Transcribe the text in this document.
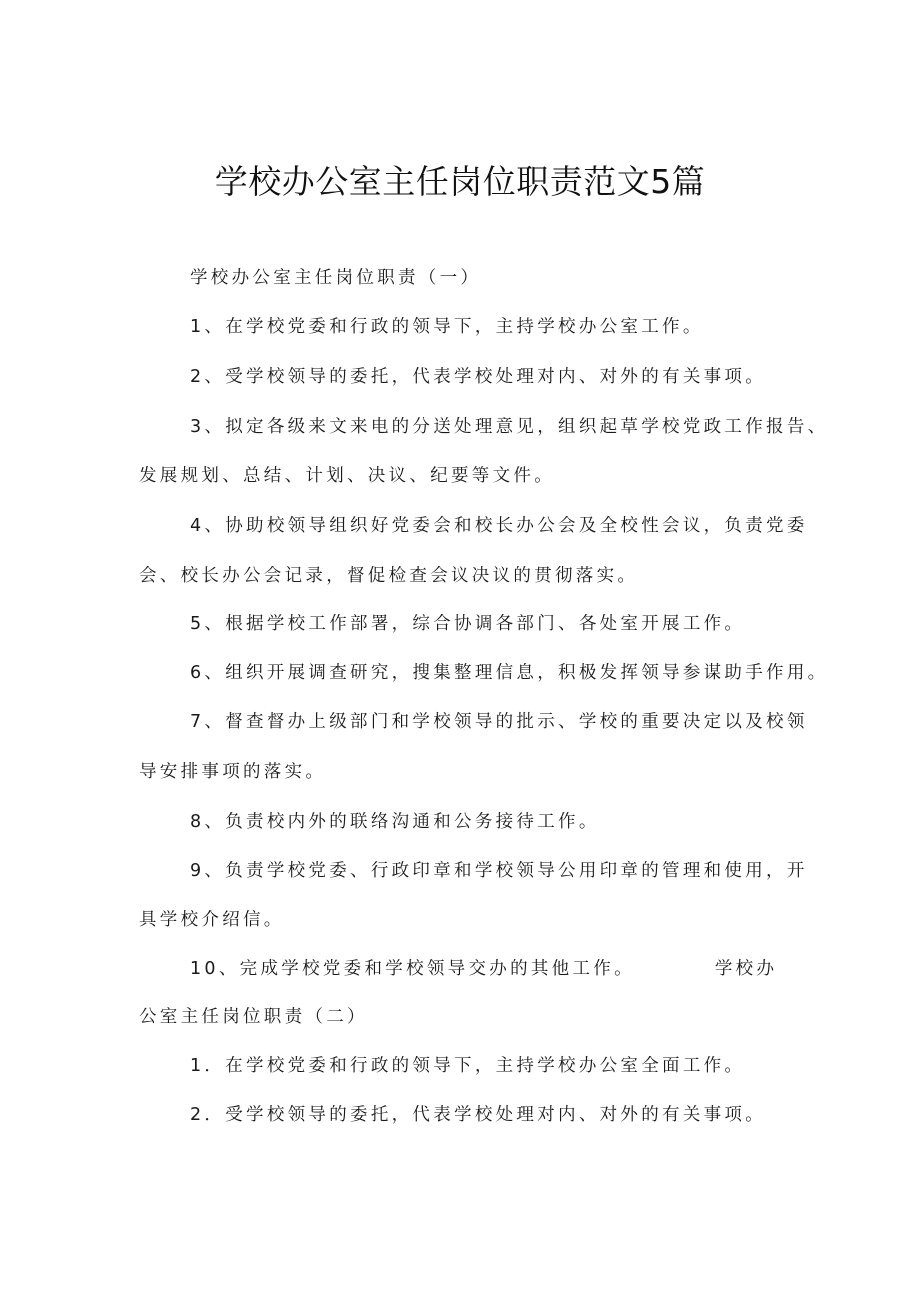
学校办公室主任岗位职责范文5篇
学校办公室主任岗位职责（一）
1、在学校党委和行政的领导下，主持学校办公室工作。
2、受学校领导的委托，代表学校处理对内、对外的有关事项。
3、拟定各级来文来电的分送处理意见，组织起草学校党政工作报告、
发展规划、总结、计划、决议、纪要等文件。
4、协助校领导组织好党委会和校长办公会及全校性会议，负责党委
会、校长办公会记录，督促检查会议决议的贯彻落实。
5、根据学校工作部署，综合协调各部门、各处室开展工作。
6、组织开展调查研究，搜集整理信息，积极发挥领导参谋助手作用。
7、督查督办上级部门和学校领导的批示、学校的重要决定以及校领
导安排事项的落实。
8、负责校内外的联络沟通和公务接待工作。
9、负责学校党委、行政印章和学校领导公用印章的管理和使用，开
具学校介绍信。
10、完成学校党委和学校领导交办的其他工作。	学校办
公室主任岗位职责（二）
1．在学校党委和行政的领导下，主持学校办公室全面工作。
2．受学校领导的委托，代表学校处理对内、对外的有关事项。
